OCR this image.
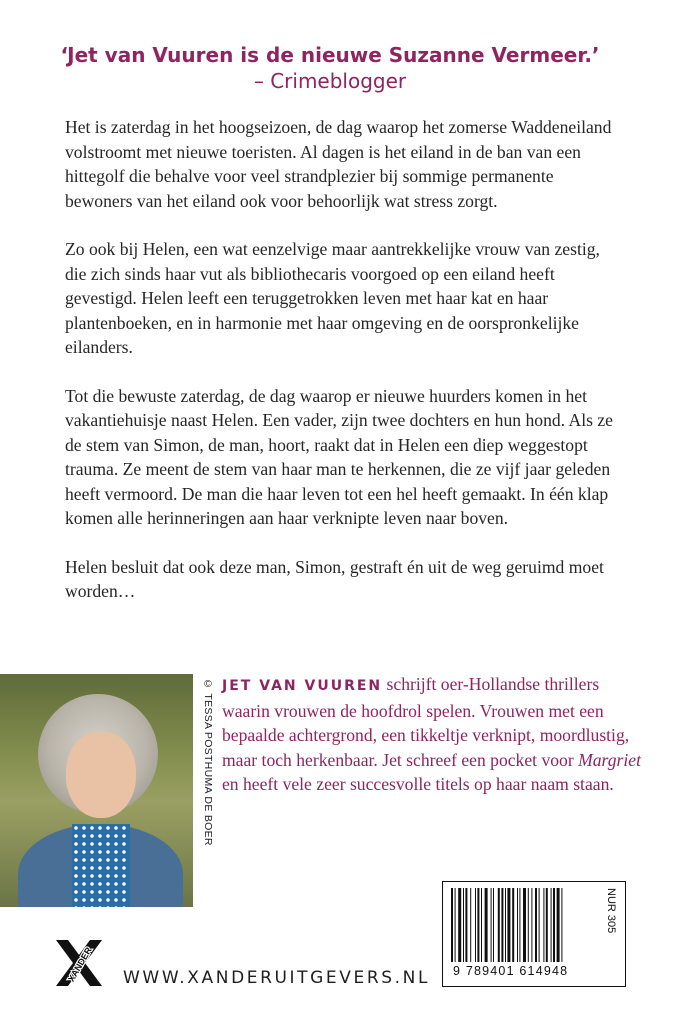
‘Jet van Vuuren is de nieuwe Suzanne Vermeer.’
– Crimeblogger

Het is zaterdag in het hoogseizoen, de dag waarop het zomerse Waddeneiland volstroomt met nieuwe toeristen. Al dagen is het eiland in de ban van een hittegolf die behalve voor veel strandplezier bij sommige permanente bewoners van het eiland ook voor behoorlijk wat stress zorgt.

Zo ook bij Helen, een wat eenzelvige maar aantrekkelijke vrouw van zestig, die zich sinds haar vut als bibliothecaris voorgoed op een eiland heeft gevestigd. Helen leeft een teruggetrokken leven met haar kat en haar plantenboeken, en in harmonie met haar omgeving en de oorspronkelijke eilanders.

Tot die bewuste zaterdag, de dag waarop er nieuwe huurders komen in het vakantiehuisje naast Helen. Een vader, zijn twee dochters en hun hond. Als ze de stem van Simon, de man, hoort, raakt dat in Helen een diep weggestopt trauma. Ze meent de stem van haar man te herkennen, die ze vijf jaar geleden heeft vermoord. De man die haar leven tot een hel heeft gemaakt. In één klap komen alle herinneringen aan haar verknipte leven naar boven.

Helen besluit dat ook deze man, Simon, gestraft én uit de weg geruimd moet worden…

© TESSA POSTHUMA DE BOER JET VAN VUUREN schrijft oer-Hollandse thrillers waarin vrouwen de hoofdrol spelen. Vrouwen met een bepaalde achtergrond, een tikkeltje verknipt, moordlustig, maar toch herkenbaar. Jet schreef een pocket voor Margriet en heeft vele zeer succesvolle titels op haar naam staan.
XANDER WWW.XANDERUITGEVERS.NL
NUR 305
9 789401 614948
